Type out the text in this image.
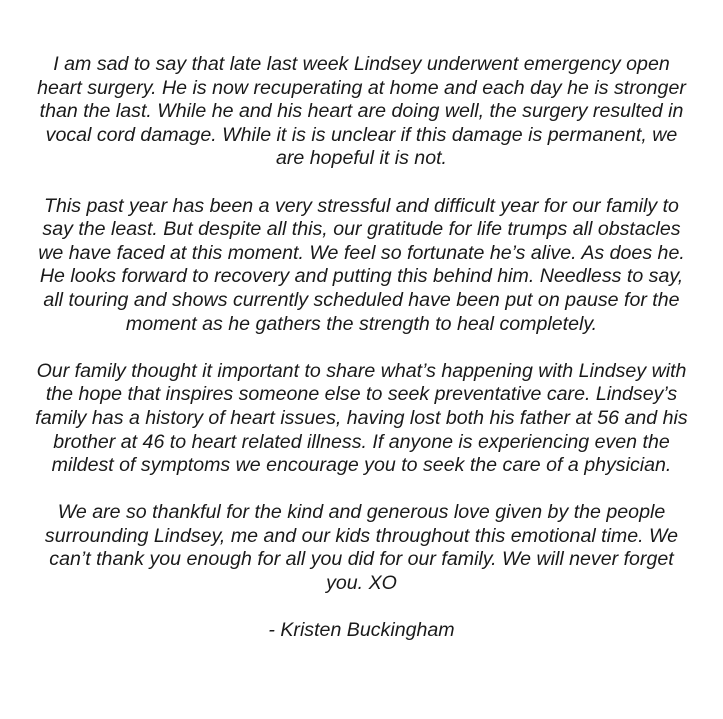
I am sad to say that late last week Lindsey underwent emergency open
heart surgery. He is now recuperating at home and each day he is stronger
than the last. While he and his heart are doing well, the surgery resulted in
vocal cord damage. While it is is unclear if this damage is permanent, we
are hopeful it is not.

This past year has been a very stressful and difficult year for our family to
say the least. But despite all this, our gratitude for life trumps all obstacles
we have faced at this moment. We feel so fortunate he’s alive. As does he.
He looks forward to recovery and putting this behind him. Needless to say,
all touring and shows currently scheduled have been put on pause for the
moment as he gathers the strength to heal completely.

Our family thought it important to share what’s happening with Lindsey with
the hope that inspires someone else to seek preventative care. Lindsey’s
family has a history of heart issues, having lost both his father at 56 and his
brother at 46 to heart related illness. If anyone is experiencing even the
mildest of symptoms we encourage you to seek the care of a physician.

We are so thankful for the kind and generous love given by the people
surrounding Lindsey, me and our kids throughout this emotional time. We
can’t thank you enough for all you did for our family. We will never forget
you. XO

- Kristen Buckingham
